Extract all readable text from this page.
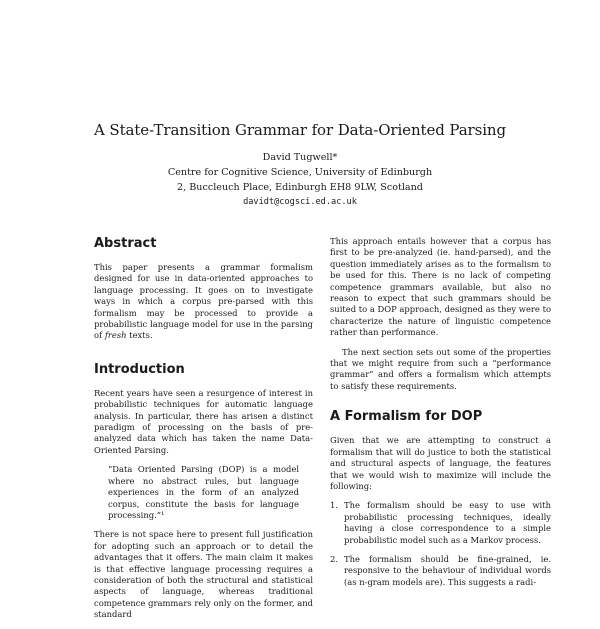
A State-Transition Grammar for Data-Oriented Parsing
David Tugwell*
Centre for Cognitive Science, University of Edinburgh
2, Buccleuch Place, Edinburgh EH8 9LW, Scotland
davidt@cogsci.ed.ac.uk
Abstract

This paper presents a grammar formalism designed for use in data-oriented approaches to language processing. It goes on to investigate ways in which a corpus pre-parsed with this formalism may be processed to provide a probabilistic language model for use in the parsing of fresh texts.

Introduction

Recent years have seen a resurgence of interest in probabilistic techniques for automatic language analysis. In particular, there has arisen a distinct paradigm of processing on the basis of pre-analyzed data which has taken the name Data-Oriented Parsing.

“Data Oriented Parsing (DOP) is a model where no abstract rules, but language experiences in the form of an analyzed corpus, constitute the basis for language processing.”¹

There is not space here to present full justification for adopting such an approach or to detail the advantages that it offers. The main claim it makes is that effective language processing requires a consideration of both the structural and statistical aspects of language, whereas traditional competence grammars rely only on the former, and standard

This approach entails however that a corpus has first to be pre-analyzed (ie. hand-parsed), and the question immediately arises as to the formalism to be used for this. There is no lack of competing competence grammars available, but also no reason to expect that such grammars should be suited to a DOP approach, designed as they were to characterize the nature of linguistic competence rather than performance.

The next section sets out some of the properties that we might require from such a “performance grammar” and offers a formalism which attempts to satisfy these requirements.

A Formalism for DOP

Given that we are attempting to construct a formalism that will do justice to both the statistical and structural aspects of language, the features that we would wish to maximize will include the following:

1. The formalism should be easy to use with probabilistic processing techniques, ideally having a close correspondence to a simple probabilistic model such as a Markov process.
2. The formalism should be fine-grained, ie. responsive to the behaviour of individual words (as n-gram models are). This suggests a radi-
